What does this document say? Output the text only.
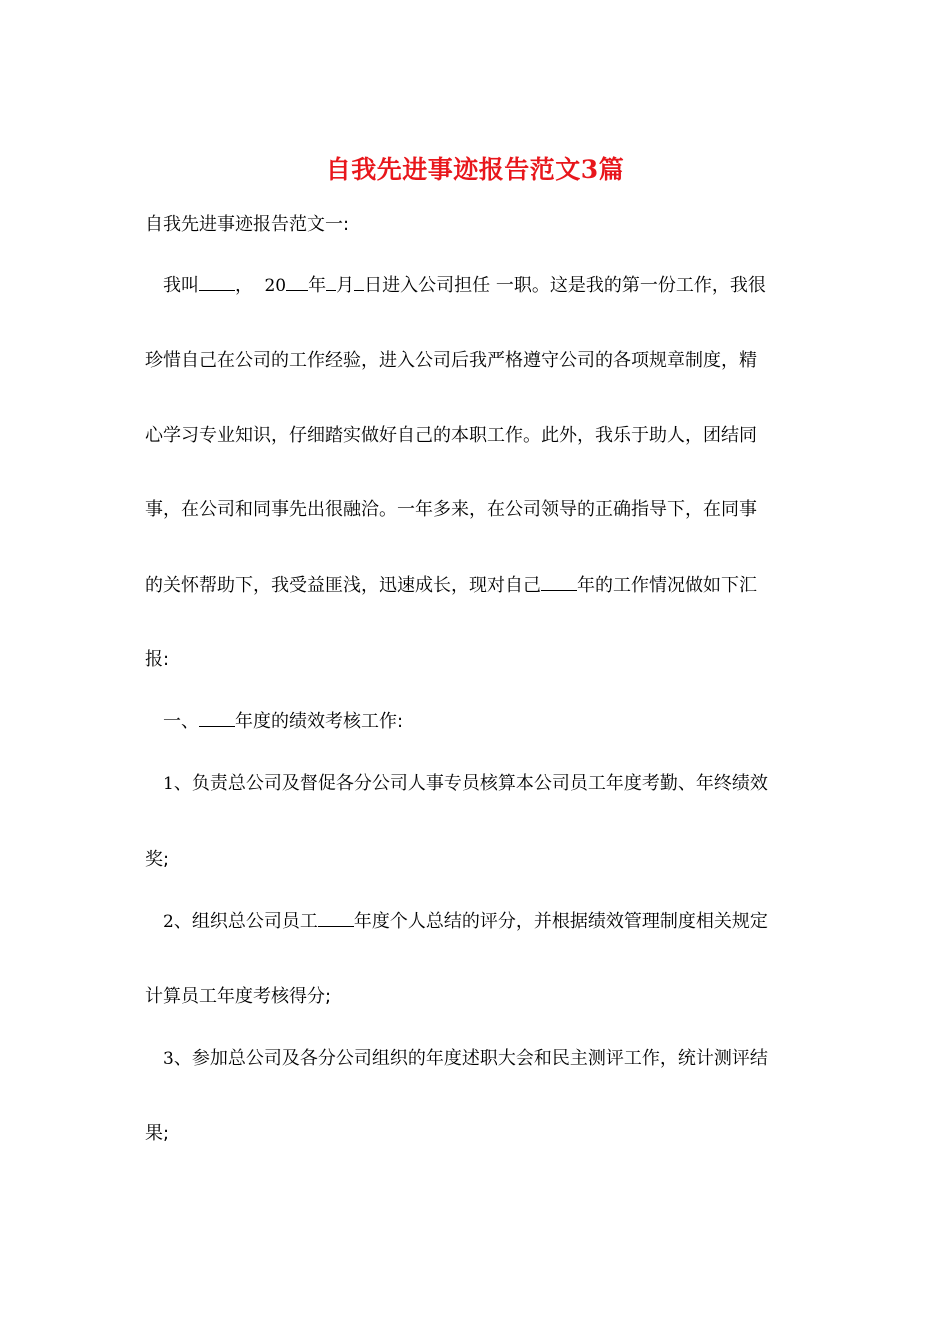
自我先进事迹报告范文3篇
自我先进事迹报告范文一:
我叫 ， 20 年 月 日进入公司担任 一职。这是我的第一份工作，我很
珍惜自己在公司的工作经验，进入公司后我严格遵守公司的各项规章制度，精
心学习专业知识，仔细踏实做好自己的本职工作。此外，我乐于助人，团结同
事，在公司和同事先出很融洽。一年多来，在公司领导的正确指导下，在同事
的关怀帮助下，我受益匪浅，迅速成长，现对自己 年的工作情况做如下汇
报:
一、 年度的绩效考核工作:
1、负责总公司及督促各分公司人事专员核算本公司员工年度考勤、年终绩效
奖;
2、组织总公司员工 年度个人总结的评分，并根据绩效管理制度相关规定
计算员工年度考核得分;
3、参加总公司及各分公司组织的年度述职大会和民主测评工作，统计测评结
果;
